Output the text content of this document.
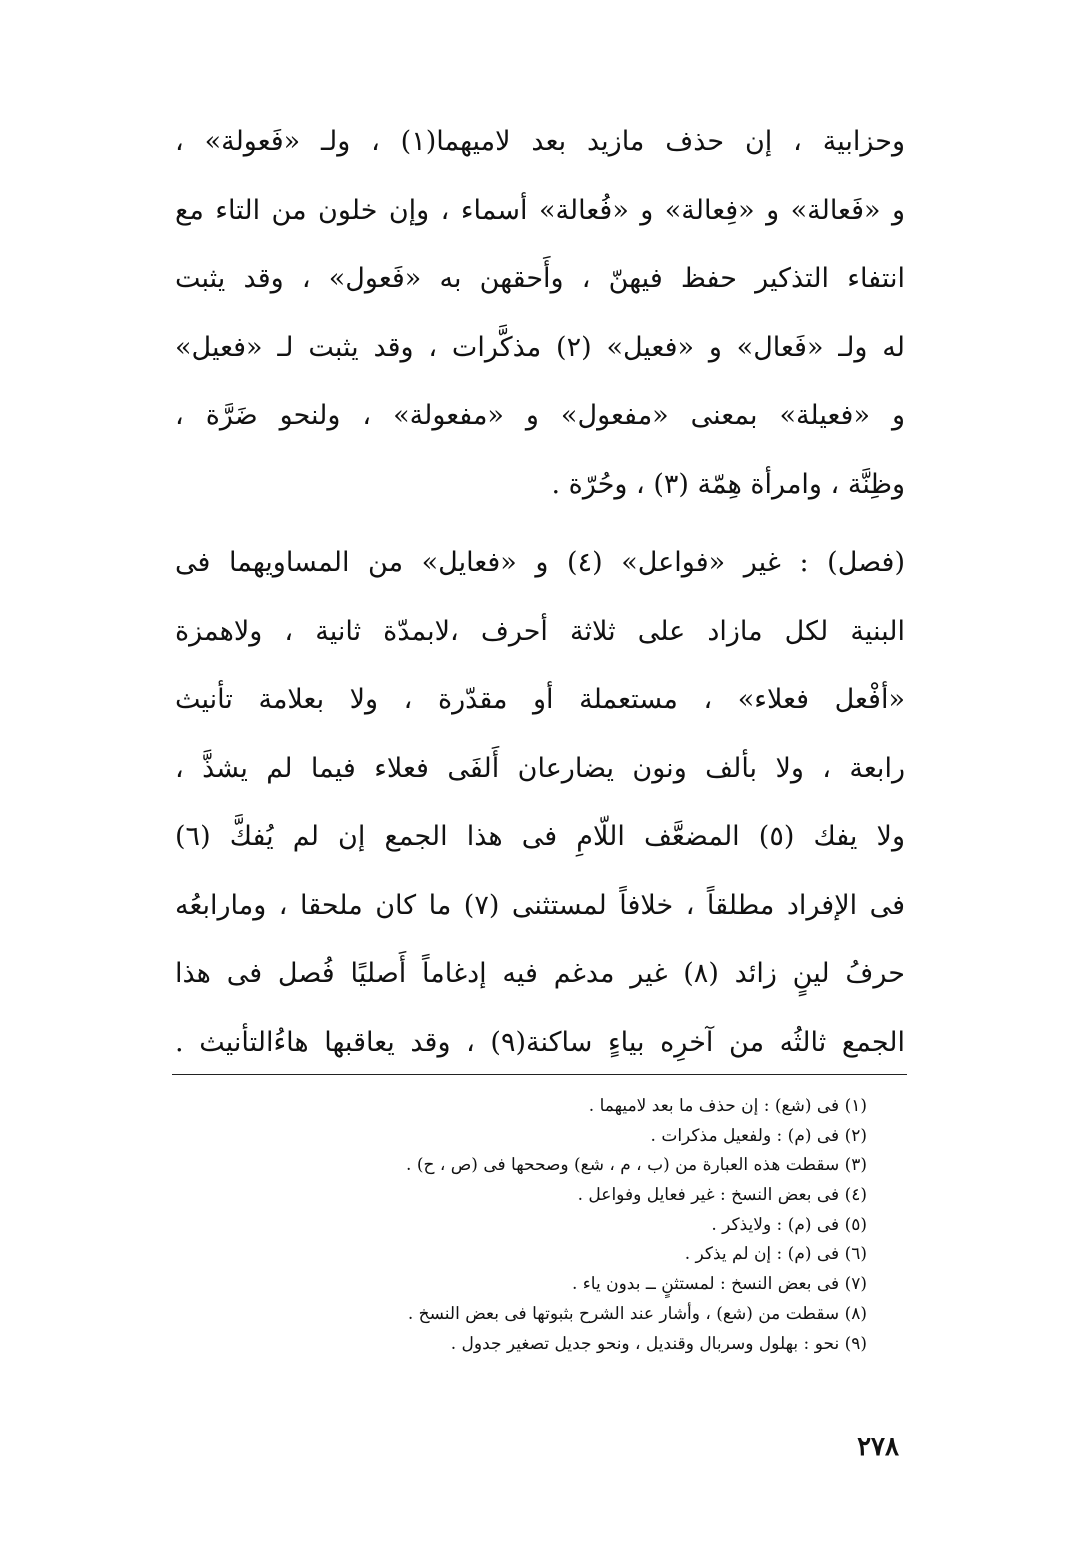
وحزابية ، إن حذف مازيد بعد لاميهما(١) ، ولـ «فَعولة» ،
و «فَعالة» و «فِعالة» و «فُعالة» أسماء ، وإن خلون من التاء مع
انتفاء التذكير حفظ فيهنّ ، وأَحقهن به «فَعول» ، وقد يثبت
له ولـ «فَعال» و «فعيل» (٢) مذكَّرات ، وقد يثبت لـ «فعيل»
و «فعيلة» بمعنى «مفعول» و «مفعولة» ، ولنحو ضَرَّة ،
وظِنَّة ، وامرأة هِمّة (٣) ، وحُرّة .
(فصل) : غير «فواعل» (٤) و «فعايل» من المساويهما فى
البنية لكل مازاد على ثلاثة أحرف ،لابمدّة ثانية ، ولاهمزة
«أفْعل فعلاء» ، مستعملة أو مقدّرة ، ولا بعلامة تأنيث
رابعة ، ولا بألف ونون يضارعان أَلفَى فعلاء فيما لم يشذَّ ،
ولا يفك (٥) المضعَّف اللّامِ فى هذا الجمع إن لم يُفكَّ (٦)
فى الإفراد مطلقاً ، خلافاً لمستثنى (٧) ما كان ملحقا ، ومارابعُه
حرفُ لينٍ زائد (٨) غير مدغم فيه إدغاماً أَصليًا فُصل فى هذا
الجمع ثالثُه من آخرِه بياءٍ ساكنة(٩) ، وقد يعاقبها هاءُالتأنيث .
(١) فى (شع) : إن حذف ما بعد لاميهما .
(٢) فى (م) : ولفعيل مذكرات .
(٣) سقطت هذه العبارة من (ب ، م ، شع) وصححها فى (ص ، ح) .
(٤) فى بعض النسخ : غير فعايل وفواعل .
(٥) فى (م) : ولايذكر .
(٦) فى (م) : إن لم يذكر .
(٧) فى بعض النسخ : لمستثنٍ ــ بدون ياء .
(٨) سقطت من (شع) ، وأشار عند الشرح بثبوتها فى بعض النسخ .
(٩) نحو : بهلول وسربال وقنديل ، ونحو جديل تصغير جدول .
٢٧٨
